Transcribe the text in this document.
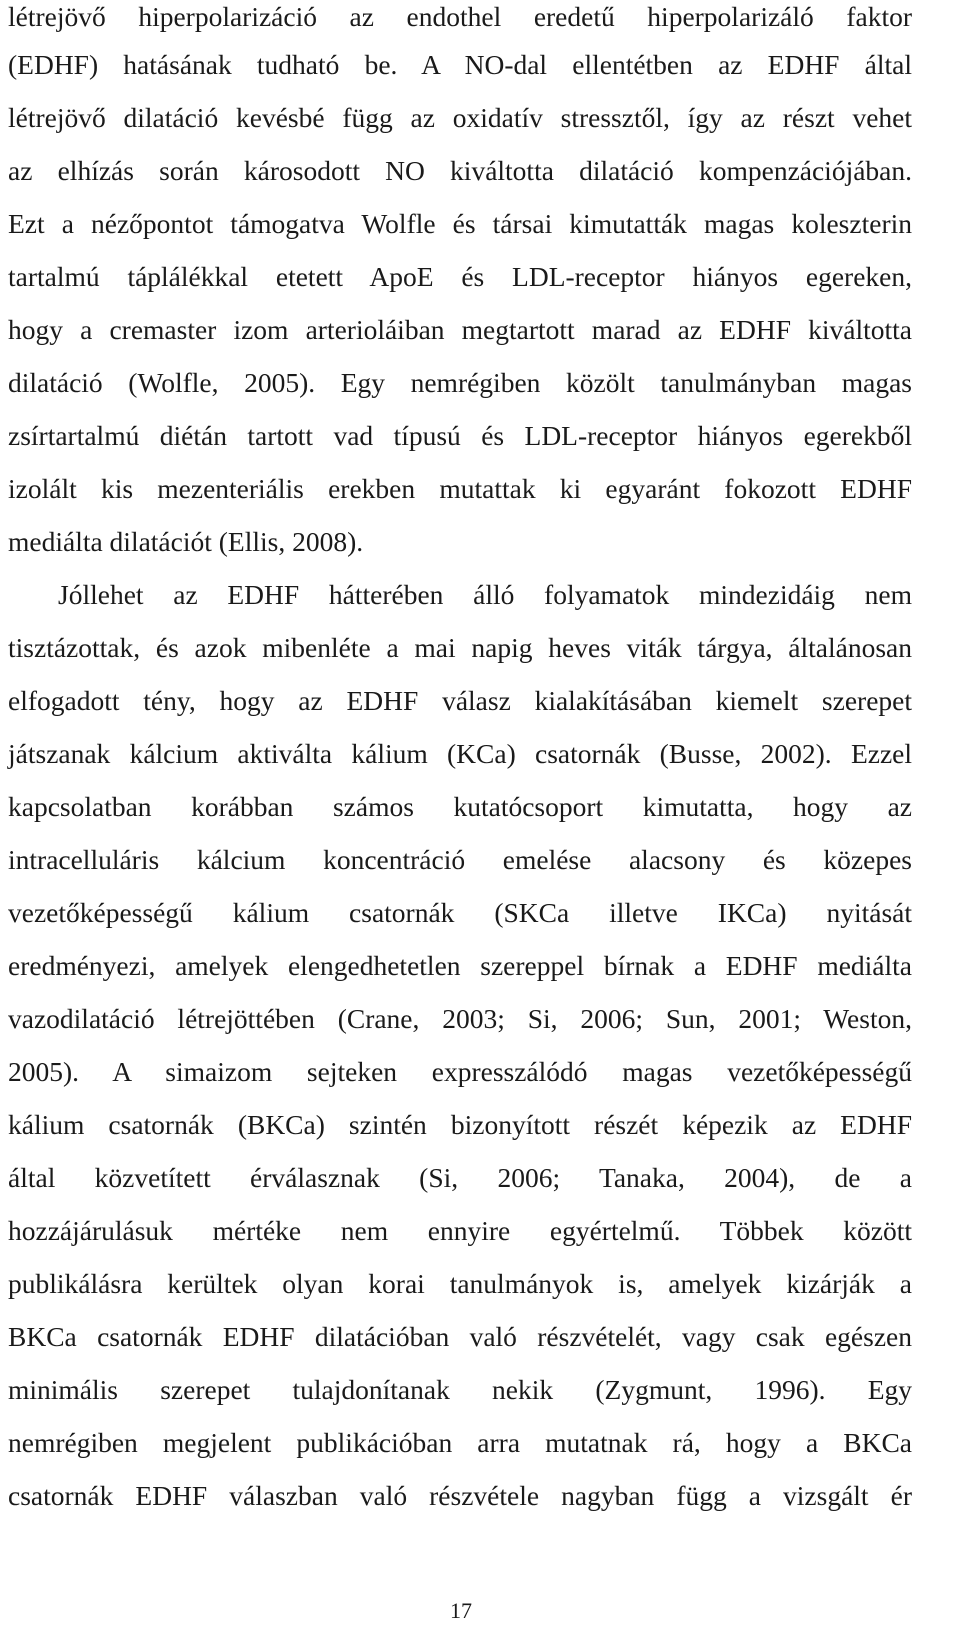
létrejövő hiperpolarizáció az endothel eredetű hiperpolarizáló faktor
(EDHF) hatásának tudható be. A NO-dal ellentétben az EDHF által
létrejövő dilatáció kevésbé függ az oxidatív stressztől, így az részt vehet
az elhízás során károsodott NO kiváltotta dilatáció kompenzációjában.
Ezt a nézőpontot támogatva Wolfle és társai kimutatták magas koleszterin
tartalmú táplálékkal etetett ApoE és LDL-receptor hiányos egereken,
hogy a cremaster izom arterioláiban megtartott marad az EDHF kiváltotta
dilatáció (Wolfle, 2005). Egy nemrégiben közölt tanulmányban magas
zsírtartalmú diétán tartott vad típusú és LDL-receptor hiányos egerekből
izolált kis mezenteriális erekben mutattak ki egyaránt fokozott EDHF
mediálta dilatációt (Ellis, 2008).
Jóllehet az EDHF hátterében álló folyamatok mindezidáig nem
tisztázottak, és azok mibenléte a mai napig heves viták tárgya, általánosan
elfogadott tény, hogy az EDHF válasz kialakításában kiemelt szerepet
játszanak kálcium aktiválta kálium (KCa) csatornák (Busse, 2002). Ezzel
kapcsolatban korábban számos kutatócsoport kimutatta, hogy az
intracelluláris kálcium koncentráció emelése alacsony és közepes
vezetőképességű kálium csatornák (SKCa illetve IKCa) nyitását
eredményezi, amelyek elengedhetetlen szereppel bírnak a EDHF mediálta
vazodilatáció létrejöttében (Crane, 2003; Si, 2006; Sun, 2001; Weston,
2005). A simaizom sejteken expresszálódó magas vezetőképességű
kálium csatornák (BKCa) szintén bizonyított részét képezik az EDHF
által közvetített érválasznak (Si, 2006; Tanaka, 2004), de a
hozzájárulásuk mértéke nem ennyire egyértelmű. Többek között
publikálásra kerültek olyan korai tanulmányok is, amelyek kizárják a
BKCa csatornák EDHF dilatációban való részvételét, vagy csak egészen
minimális szerepet tulajdonítanak nekik (Zygmunt, 1996). Egy
nemrégiben megjelent publikációban arra mutatnak rá, hogy a BKCa
csatornák EDHF válaszban való részvétele nagyban függ a vizsgált ér
17
